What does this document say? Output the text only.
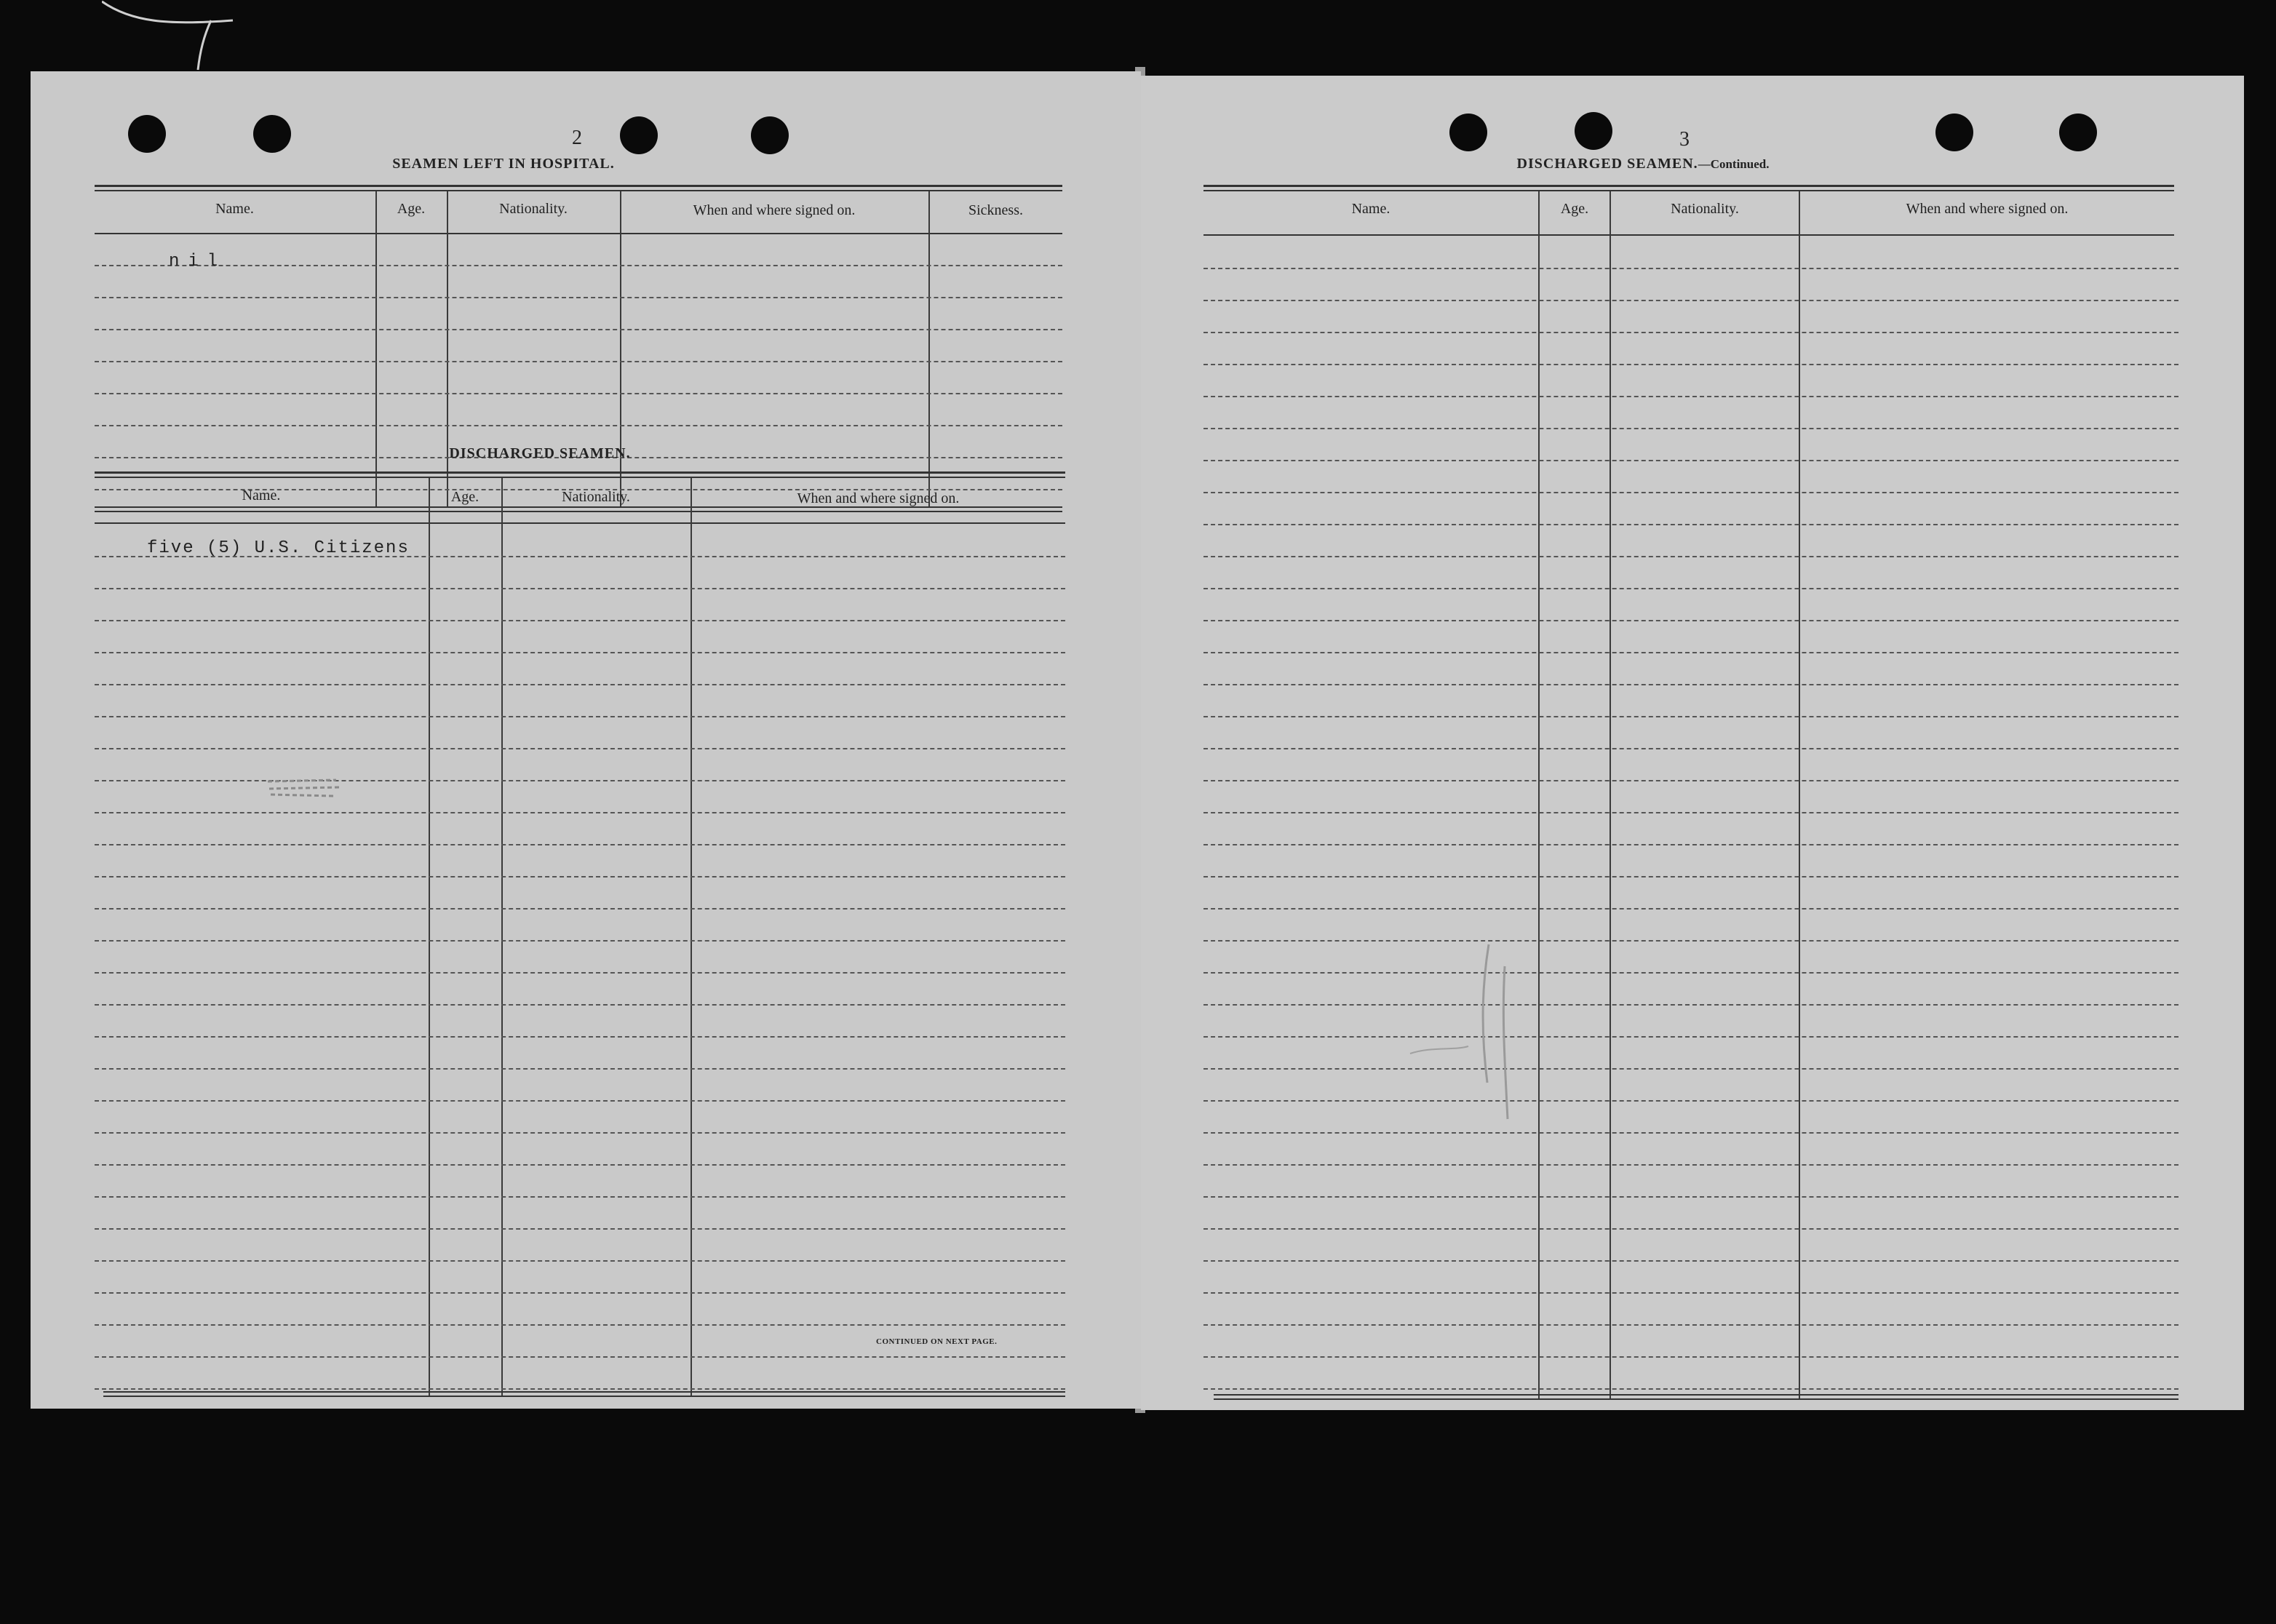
2
SEAMEN LEFT IN HOSPITAL.
Name.	Age.	Nationality.	When and where signed on.	Sickness.
nil
DISCHARGED SEAMEN.
Name.	Age.	Nationality.	When and where signed on.
five (5) U.S. Citizens
CONTINUED ON NEXT PAGE.
3
DISCHARGED SEAMEN.—Continued.
Name.	Age.	Nationality.	When and where signed on.
